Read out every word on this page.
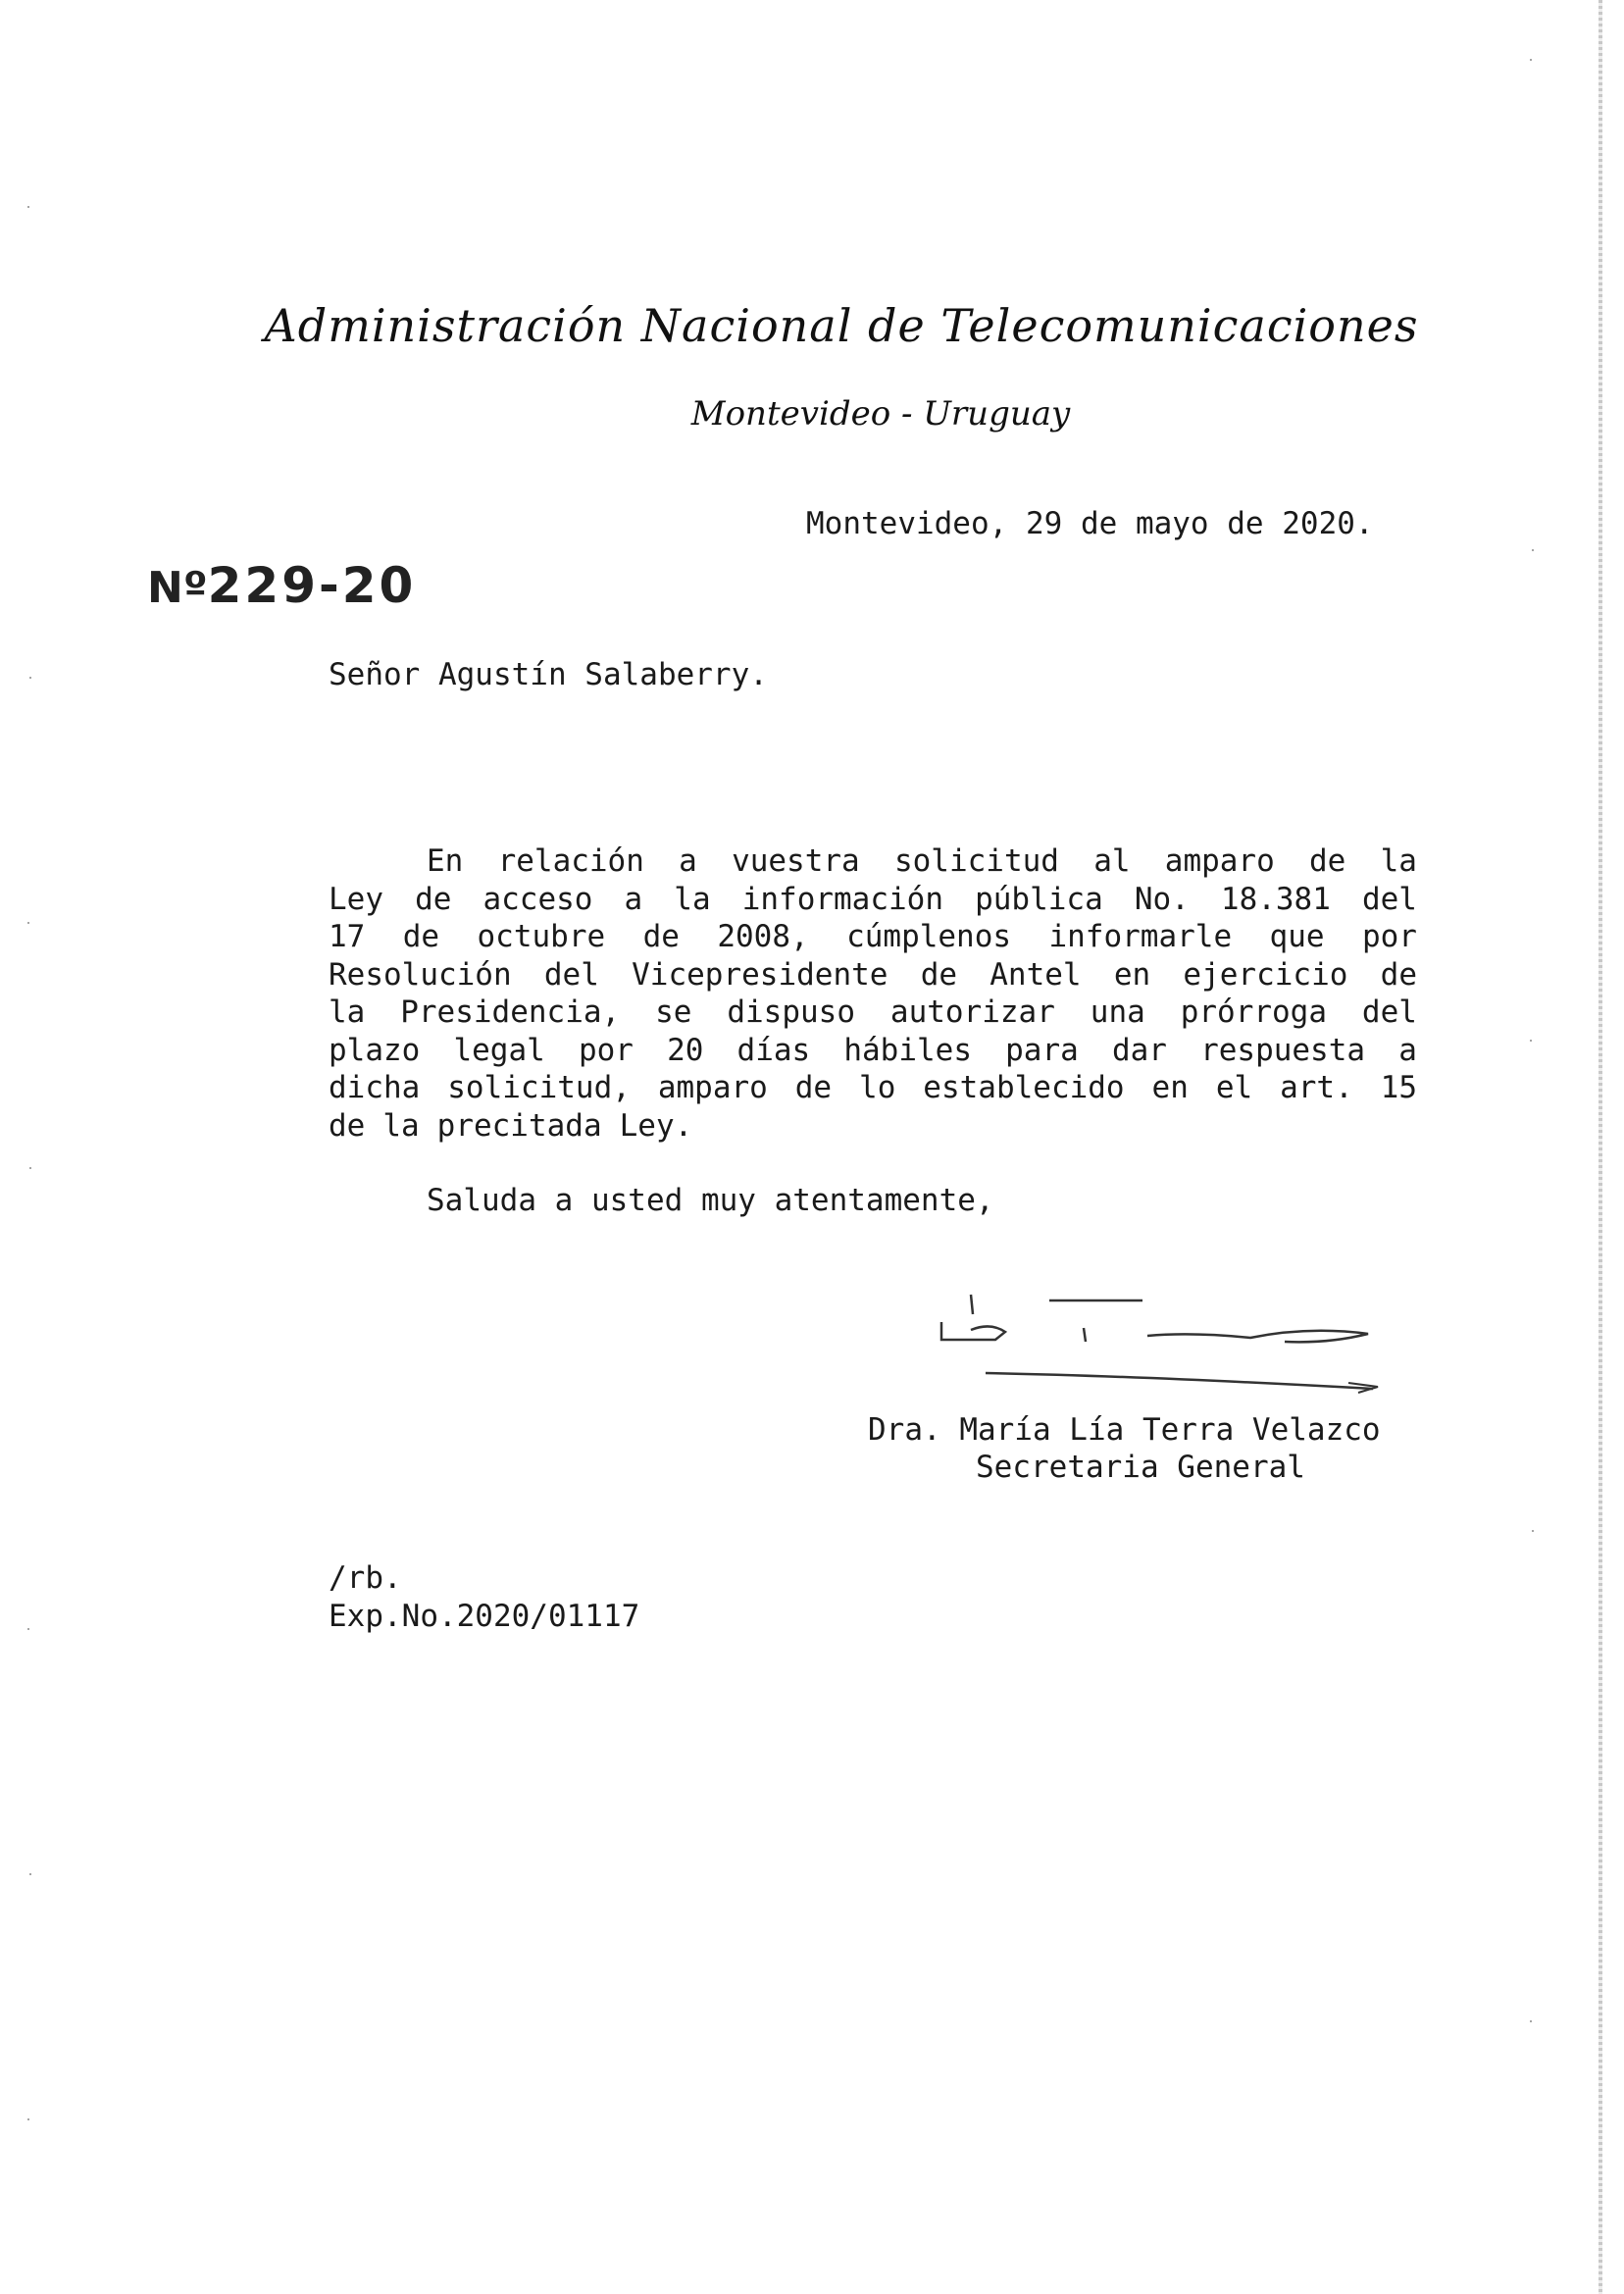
Administración Nacional de Telecomunicaciones
Montevideo - Uruguay
Montevideo, 29 de mayo de 2020.
Nº229-20
Señor Agustín Salaberry.
En relación a vuestra solicitud al amparo de la
Ley de acceso a la información pública No. 18.381 del
17 de octubre de 2008, cúmplenos informarle que por
Resolución del Vicepresidente de Antel en ejercicio de
la Presidencia, se dispuso autorizar una prórroga del
plazo legal por 20 días hábiles para dar respuesta a
dicha solicitud, amparo de lo establecido en el art. 15
de la precitada Ley.
Saluda a usted muy atentamente,
Dra. María Lía Terra Velazco
Secretaria General
/rb.
Exp.No.2020/01117
